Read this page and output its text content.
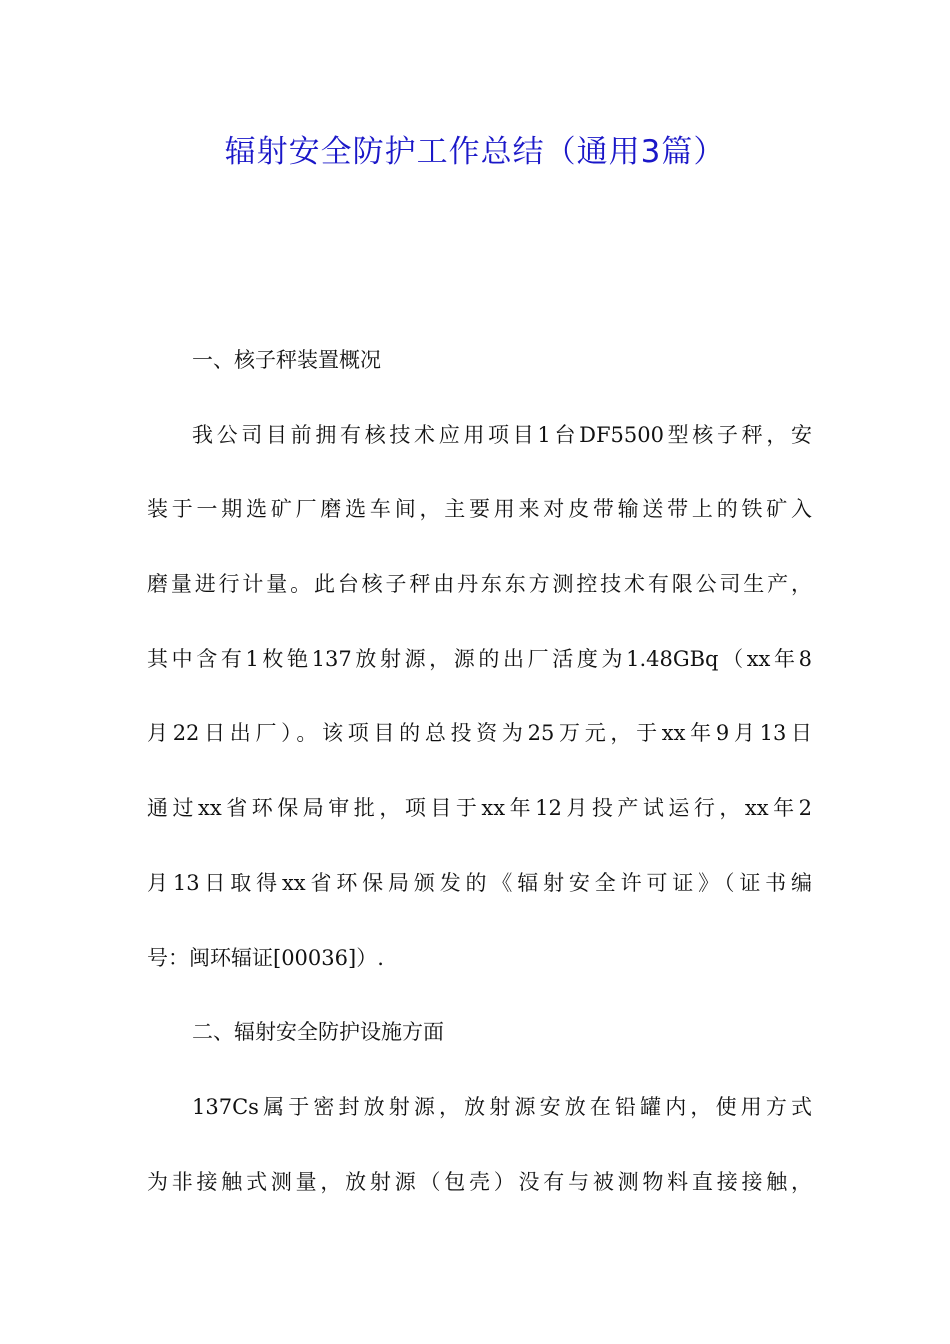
辐射安全防护工作总结（通用3篇）
一、核子秤装置概况
我公司目前拥有核技术应用项目1台DF5500型核子秤，安
装于一期选矿厂磨选车间，主要用来对皮带输送带上的铁矿入
磨量进行计量。此台核子秤由丹东东方测控技术有限公司生产，
其中含有1枚铯137放射源，源的出厂活度为1.48GBq（xx年8
月22日出厂）。该项目的总投资为25万元，于xx年9月13日
通过xx省环保局审批，项目于xx年12月投产试运行，xx年2
月13日取得xx省环保局颁发的《辐射安全许可证》（证书编
号：闽环辐证[00036]）.
二、辐射安全防护设施方面
137Cs属于密封放射源，放射源安放在铅罐内，使用方式
为非接触式测量，放射源（包壳）没有与被测物料直接接触，
